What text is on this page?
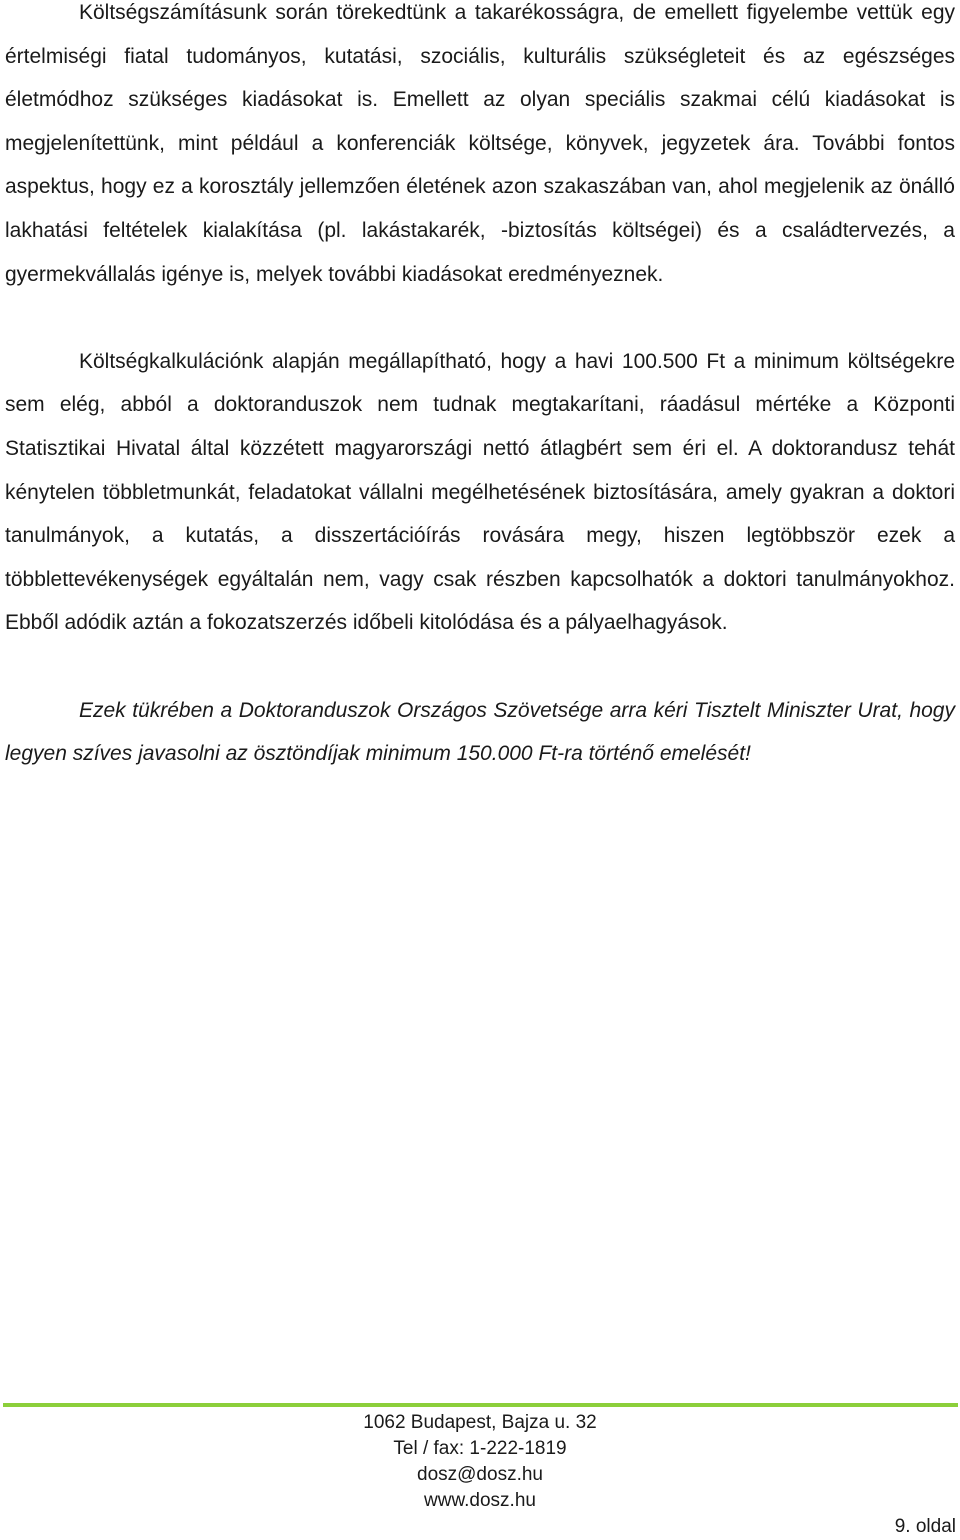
Költségszámításunk során törekedtünk a takarékosságra, de emellett figyelembe vettük egy értelmiségi fiatal tudományos, kutatási, szociális, kulturális szükségleteit és az egészséges életmódhoz szükséges kiadásokat is. Emellett az olyan speciális szakmai célú kiadásokat is megjelenítettünk, mint például a konferenciák költsége, könyvek, jegyzetek ára. További fontos aspektus, hogy ez a korosztály jellemzően életének azon szakaszában van, ahol megjelenik az önálló lakhatási feltételek kialakítása (pl. lakástakarék, -biztosítás költségei) és a családtervezés, a gyermekvállalás igénye is, melyek további kiadásokat eredményeznek.

Költségkalkulációnk alapján megállapítható, hogy a havi 100.500 Ft a minimum költségekre sem elég, abból a doktoranduszok nem tudnak megtakarítani, ráadásul mértéke a Központi Statisztikai Hivatal által közzétett magyarországi nettó átlagbért sem éri el. A doktorandusz tehát kénytelen többletmunkát, feladatokat vállalni megélhetésének biztosítására, amely gyakran a doktori tanulmányok, a kutatás, a disszertációírás rovására megy, hiszen legtöbbször ezek a többlettevékenységek egyáltalán nem, vagy csak részben kapcsolhatók a doktori tanulmányokhoz. Ebből adódik aztán a fokozatszerzés időbeli kitolódása és a pályaelhagyások.

Ezek tükrében a Doktoranduszok Országos Szövetsége arra kéri Tisztelt Miniszter Urat, hogy legyen szíves javasolni az ösztöndíjak minimum 150.000 Ft-ra történő emelését!

1062 Budapest, Bajza u. 32
Tel / fax: 1-222-1819
dosz@dosz.hu
www.dosz.hu
9. oldal
